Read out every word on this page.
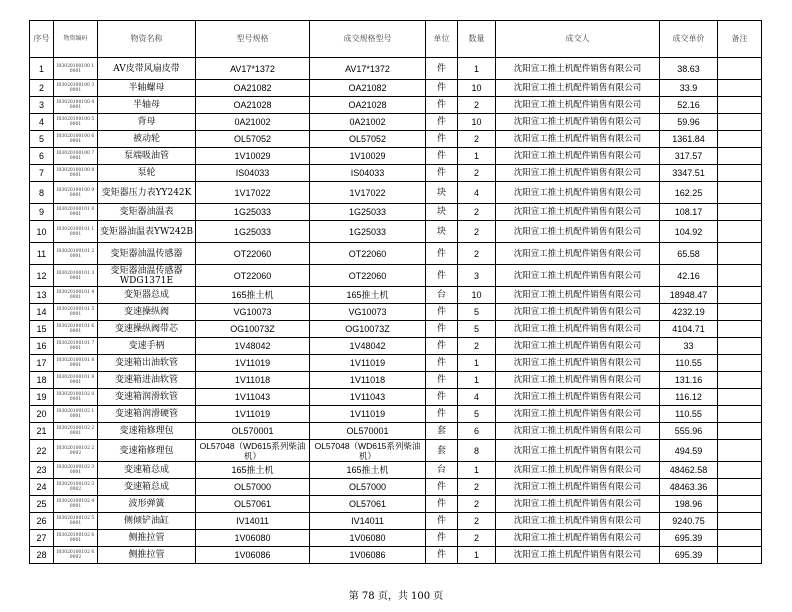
序号	物资编码	物资名称	型号规格	成交规格型号	单位	数量	成交人	成交单价	备注
1	I03020100100 10001	AV皮带风扇皮带	AV17*1372	AV17*1372	件	1	沈阳宣工推土机配件销售有限公司	38.63	
2	I03020100100 30001	半轴螺母	OA21082	OA21082	件	10	沈阳宣工推土机配件销售有限公司	33.9	
3	I03020100100 40001	半轴母	OA21028	OA21028	件	2	沈阳宣工推土机配件销售有限公司	52.16	
4	I03020100100 50001	背母	0A21002	0A21002	件	10	沈阳宣工推土机配件销售有限公司	59.96	
5	I03020100100 60001	被动轮	OL57052	OL57052	件	2	沈阳宣工推土机配件销售有限公司	1361.84	
6	I03020100100 70001	泵端吸油管	1V10029	1V10029	件	1	沈阳宣工推土机配件销售有限公司	317.57	
7	I03020100100 80001	泵轮	IS04033	IS04033	件	2	沈阳宣工推土机配件销售有限公司	3347.51	
8	I03020100100 90001	变矩器压力表YY242K	1V17022	1V17022	块	4	沈阳宣工推土机配件销售有限公司	162.25	
9	I03020100101 00001	变矩器油温表	1G25033	1G25033	块	2	沈阳宣工推土机配件销售有限公司	108.17	
10	I03020100101 10001	变矩器油温表YW242B	1G25033	1G25033	块	2	沈阳宣工推土机配件销售有限公司	104.92	
11	I03020100101 20001	变矩器油温传感器	OT22060	OT22060	件	2	沈阳宣工推土机配件销售有限公司	65.58	
12	I03020100101 30001	变矩器油温传感器WDG1371E	OT22060	OT22060	件	3	沈阳宣工推土机配件销售有限公司	42.16	
13	I03020100101 40001	变矩器总成	165推土机	165推土机	台	10	沈阳宣工推土机配件销售有限公司	18948.47	
14	I03020100101 50001	变速操纵阀	VG10073	VG10073	件	5	沈阳宣工推土机配件销售有限公司	4232.19	
15	I03020100101 60001	变速操纵阀带芯	OG10073Z	OG10073Z	件	5	沈阳宣工推土机配件销售有限公司	4104.71	
16	I03020100101 70001	变速手柄	1V48042	1V48042	件	2	沈阳宣工推土机配件销售有限公司	33	
17	I03020100101 80001	变速箱出油软管	1V11019	1V11019	件	1	沈阳宣工推土机配件销售有限公司	110.55	
18	I03020100101 90001	变速箱进油软管	1V11018	1V11018	件	1	沈阳宣工推土机配件销售有限公司	131.16	
19	I03020100102 00001	变速箱润滑软管	1V11043	1V11043	件	4	沈阳宣工推土机配件销售有限公司	116.12	
20	I03020100102 10001	变速箱润滑硬管	1V11019	1V11019	件	5	沈阳宣工推土机配件销售有限公司	110.55	
21	I03020100102 20001	变速箱修理包	OL570001	OL570001	套	6	沈阳宣工推土机配件销售有限公司	555.96	
22	I03020100102 20002	变速箱修理包	OL57048（WD615系列柴油机）	OL57048（WD615系列柴油机）	套	8	沈阳宣工推土机配件销售有限公司	494.59	
23	I03020100102 30001	变速箱总成	165推土机	165推土机	台	1	沈阳宣工推土机配件销售有限公司	48462.58	
24	I03020100102 30002	变速箱总成	OL57000	OL57000	件	2	沈阳宣工推土机配件销售有限公司	48463.36	
25	I03020100102 40001	波形弹簧	OL57061	OL57061	件	2	沈阳宣工推土机配件销售有限公司	198.96	
26	I03020100102 50001	侧倾铲油缸	IV14011	IV14011	件	2	沈阳宣工推土机配件销售有限公司	9240.75	
27	I03020100102 60001	侧推拉管	1V06080	1V06080	件	2	沈阳宣工推土机配件销售有限公司	695.39	
28	I03020100102 60002	侧推拉管	1V06086	1V06086	件	1	沈阳宣工推土机配件销售有限公司	695.39	
第 78 页，共 100 页
